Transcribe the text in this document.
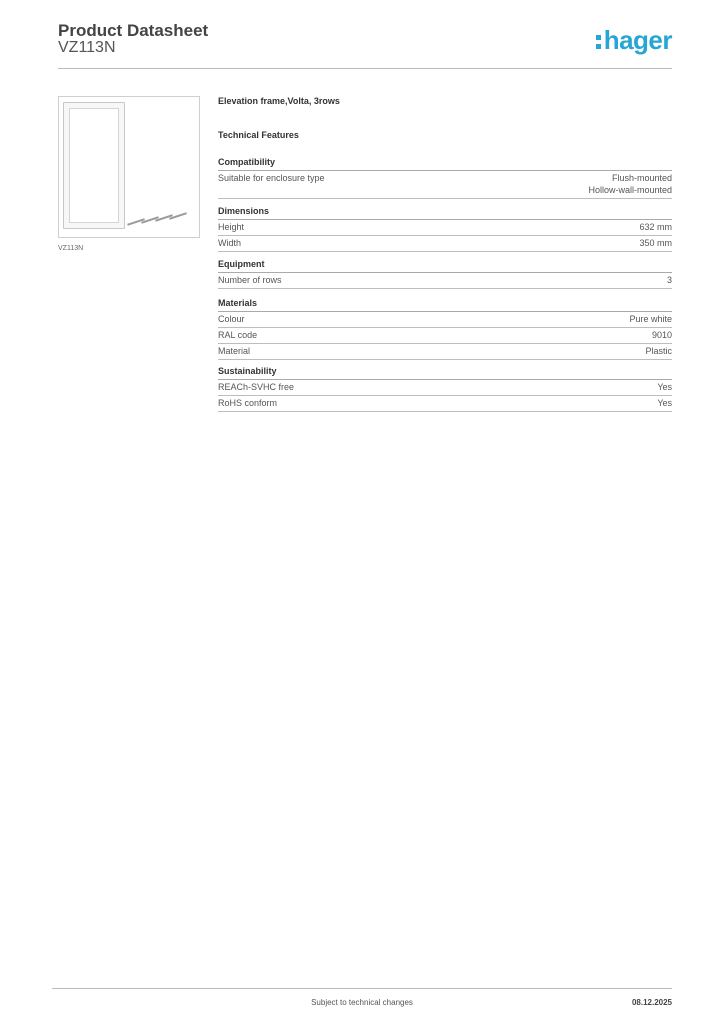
Product Datasheet
VZ113N	hager
VZ113N
Elevation frame,Volta, 3rows
Technical Features
Compatibility
Suitable for enclosure type	Flush-mounted
Hollow-wall-mounted
Dimensions
Height	632 mm
Width	350 mm
Equipment
Number of rows	3
Materials
Colour	Pure white
RAL code	9010
Material	Plastic
Sustainability
REACh-SVHC free	Yes
RoHS conform	Yes
Subject to technical changes	08.12.2025
